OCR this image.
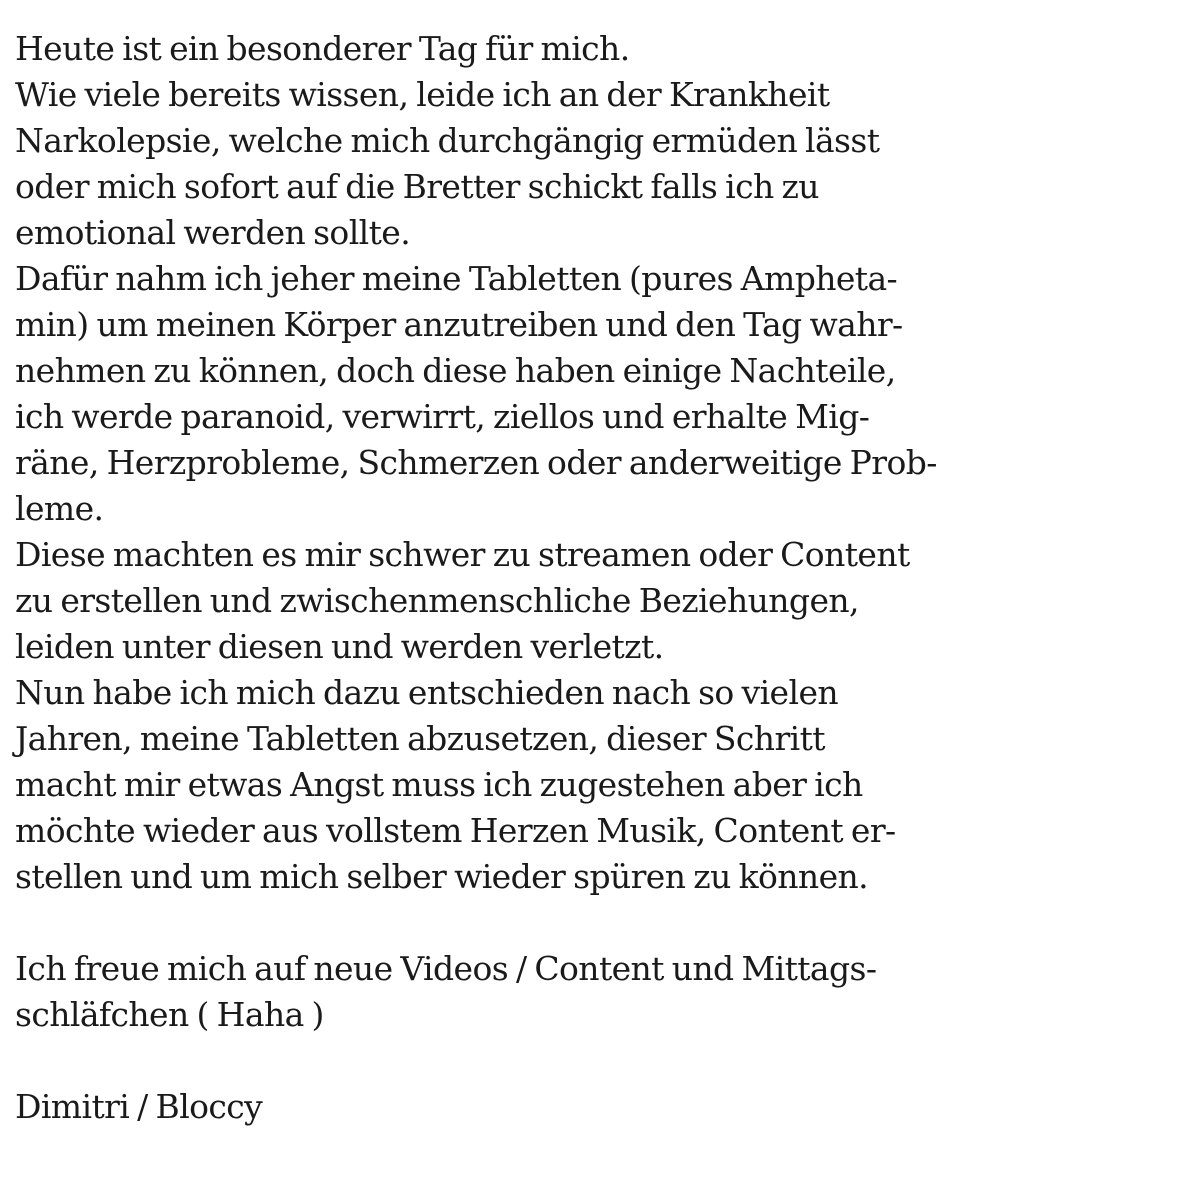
Heute ist ein besonderer Tag für mich.
Wie viele bereits wissen, leide ich an der Krankheit
Narkolepsie, welche mich durchgängig ermüden lässt
oder mich sofort auf die Bretter schickt falls ich zu
emotional werden sollte.
Dafür nahm ich jeher meine Tabletten (pures Amphetа-
min) um meinen Körper anzutreiben und den Tag wahr-
nehmen zu können, doch diese haben einige Nachteile,
ich werde paranoid, verwirrt, ziellos und erhalte Mig-
räne, Herzprobleme, Schmerzen oder anderweitige Prob-
leme.
Diese machten es mir schwer zu streamen oder Content
zu erstellen und zwischenmenschliche Beziehungen,
leiden unter diesen und werden verletzt.
Nun habe ich mich dazu entschieden nach so vielen
Jahren, meine Tabletten abzusetzen, dieser Schritt
macht mir etwas Angst muss ich zugestehen aber ich
möchte wieder aus vollstem Herzen Musik, Content er-
stellen und um mich selber wieder spüren zu können.
Ich freue mich auf neue Videos / Content und Mittags-
schläfchen ( Haha )
Dimitri / Bloccy
